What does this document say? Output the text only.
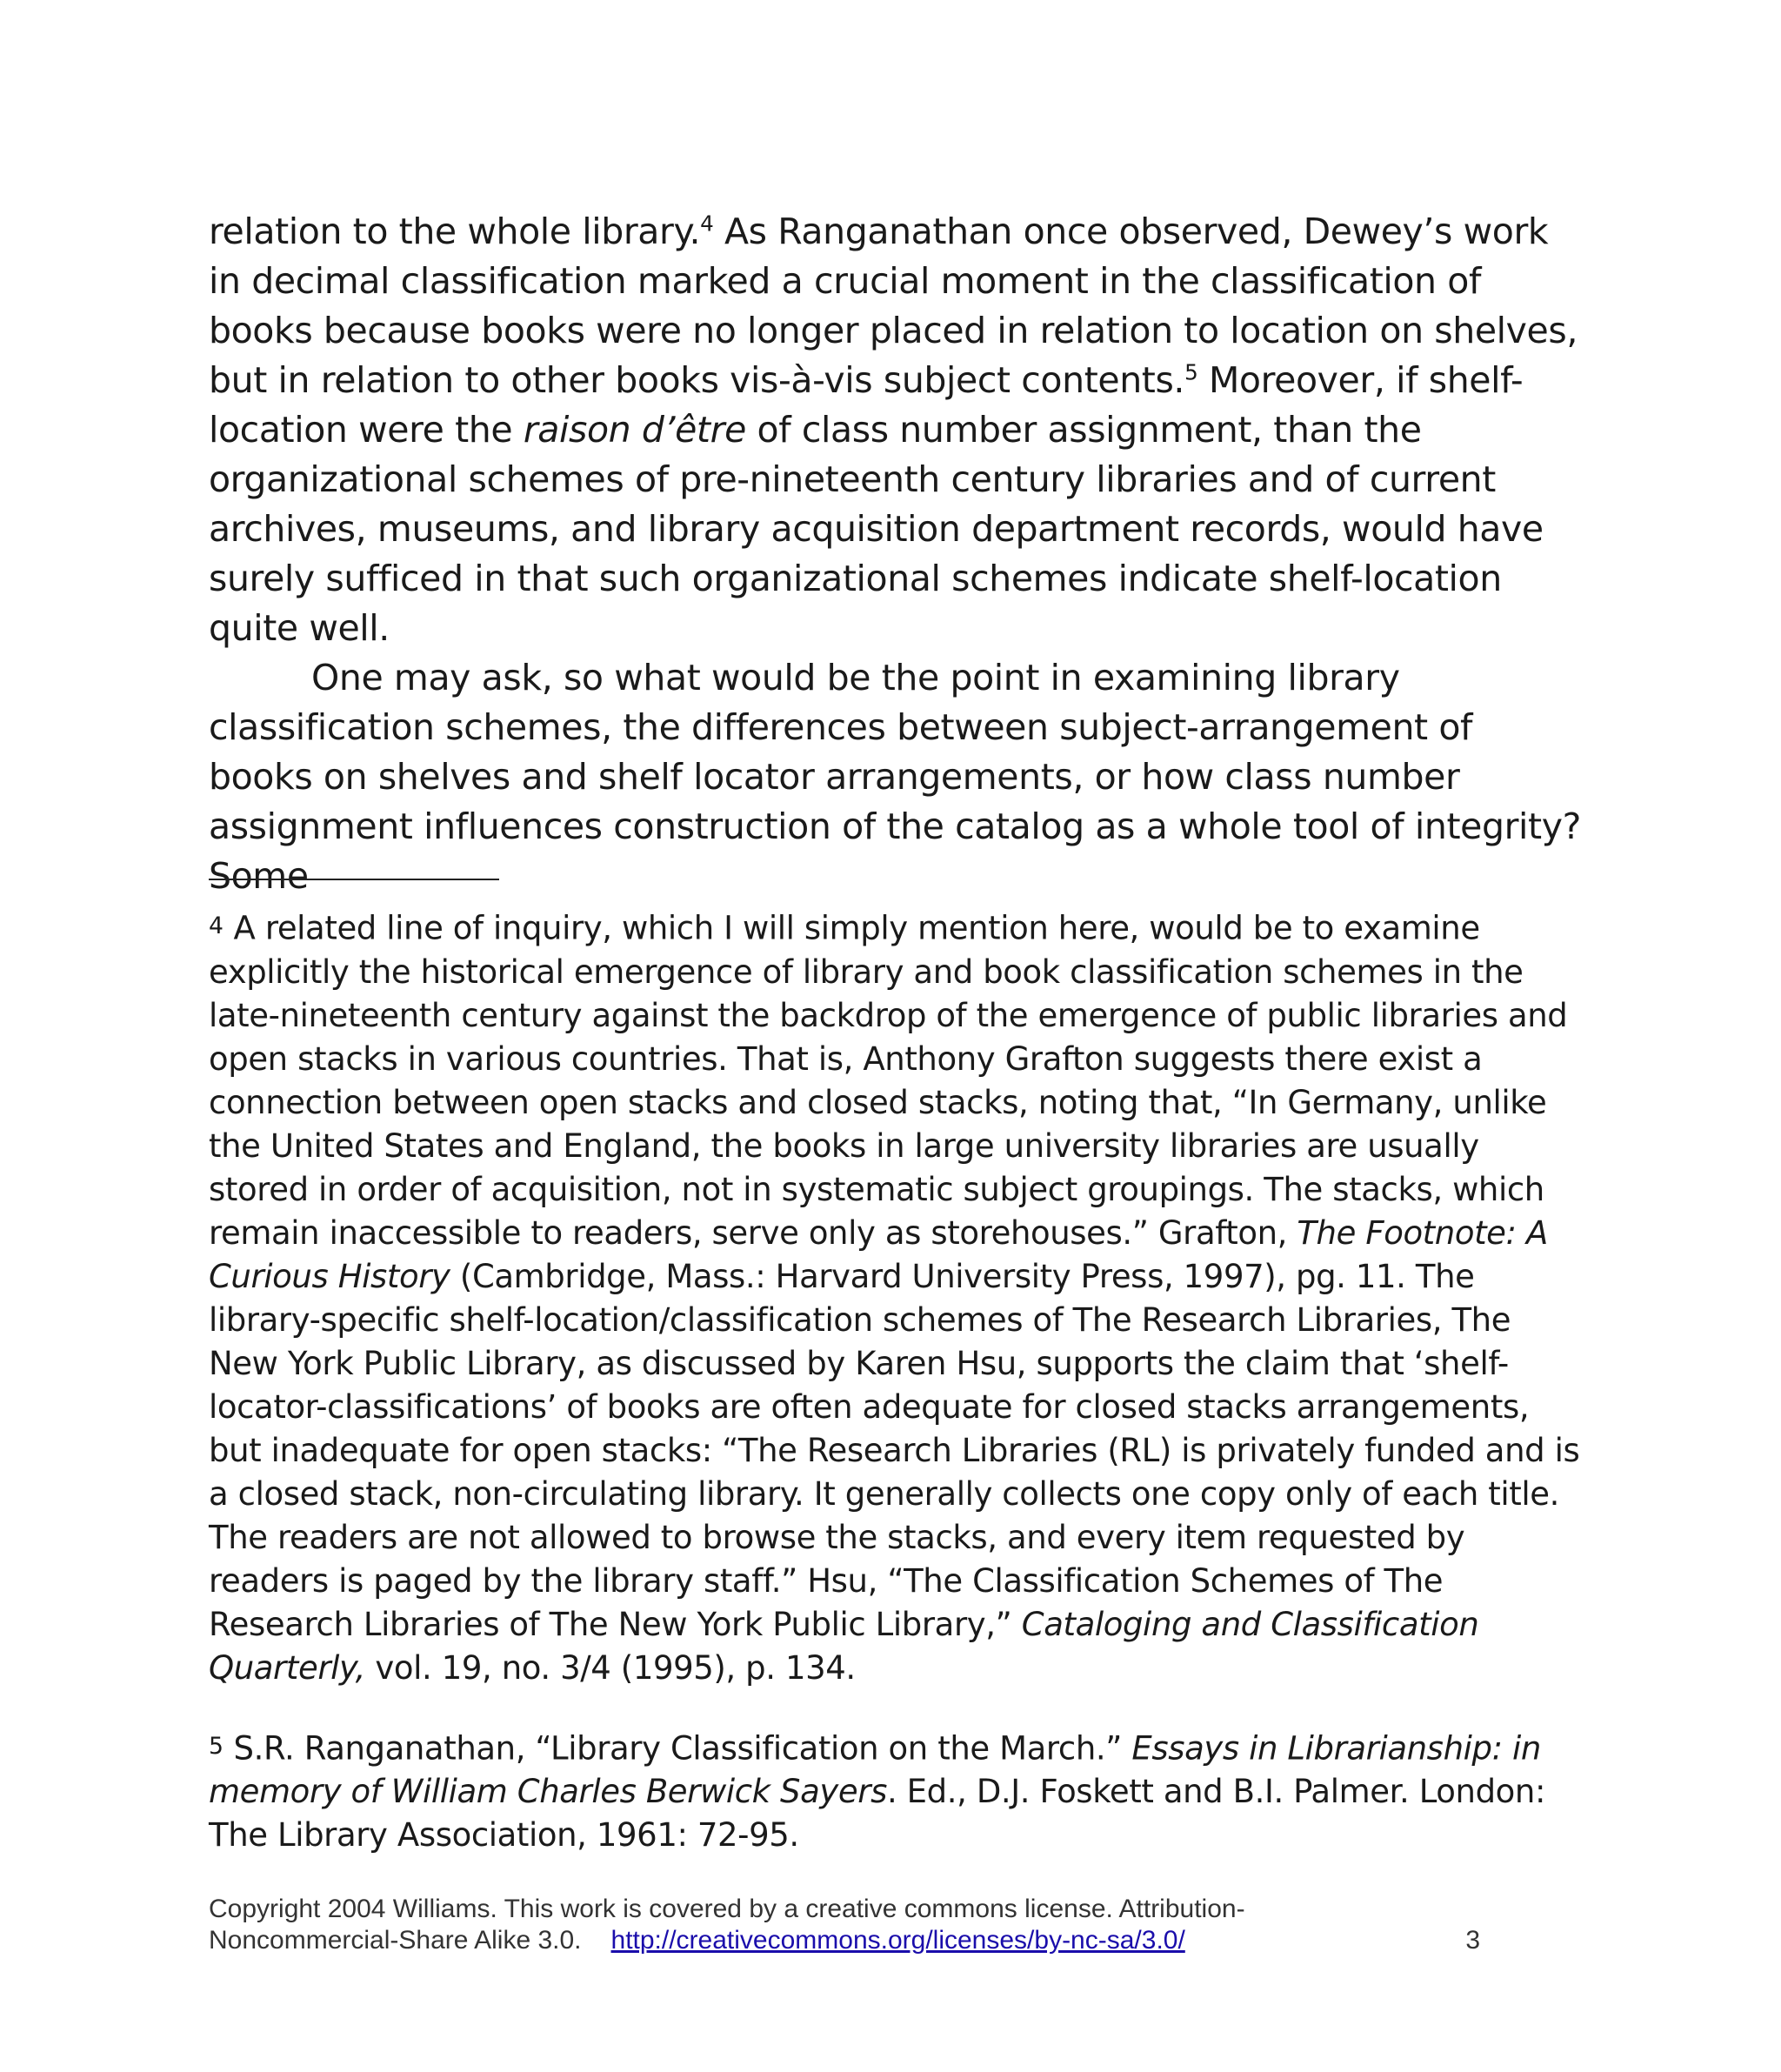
relation to the whole library.$^4$ As Ranganathan once observed, Dewey’s work in decimal classification marked a crucial moment in the classification of books because books were no longer placed in relation to location on shelves, but in relation to other books vis-à-vis subject contents.$^5$ Moreover, if shelf-location were the raison d’être of class number assignment, than the organizational schemes of pre-nineteenth century libraries and of current archives, museums, and library acquisition department records, would have surely sufficed in that such organizational schemes indicate shelf-location quite well.

One may ask, so what would be the point in examining library classification schemes, the differences between subject-arrangement of books on shelves and shelf locator arrangements, or how class number assignment influences construction of the catalog as a whole tool of integrity? Some

4 A related line of inquiry, which I will simply mention here, would be to examine explicitly the historical emergence of library and book classification schemes in the late-nineteenth century against the backdrop of the emergence of public libraries and open stacks in various countries. That is, Anthony Grafton suggests there exist a connection between open stacks and closed stacks, noting that, “In Germany, unlike the United States and England, the books in large university libraries are usually stored in order of acquisition, not in systematic subject groupings. The stacks, which remain inaccessible to readers, serve only as storehouses.” Grafton, The Footnote: A Curious History (Cambridge, Mass.: Harvard University Press, 1997), pg. 11. The library-specific shelf-location/classification schemes of The Research Libraries, The New York Public Library, as discussed by Karen Hsu, supports the claim that ‘shelf-locator-classifications’ of books are often adequate for closed stacks arrangements, but inadequate for open stacks: “The Research Libraries (RL) is privately funded and is a closed stack, non-circulating library. It generally collects one copy only of each title. The readers are not allowed to browse the stacks, and every item requested by readers is paged by the library staff.” Hsu, “The Classification Schemes of The Research Libraries of The New York Public Library,” Cataloging and Classification Quarterly, vol. 19, no. 3/4 (1995), p. 134.

5 S.R. Ranganathan, “Library Classification on the March.” Essays in Librarianship: in memory of William Charles Berwick Sayers. Ed., D.J. Foskett and B.I. Palmer. London: The Library Association, 1961: 72-95.

Copyright 2004 Williams. This work is covered by a creative commons license. Attribution-
Noncommercial-Share Alike 3.0. http://creativecommons.org/licenses/by-nc-sa/3.0/	3
